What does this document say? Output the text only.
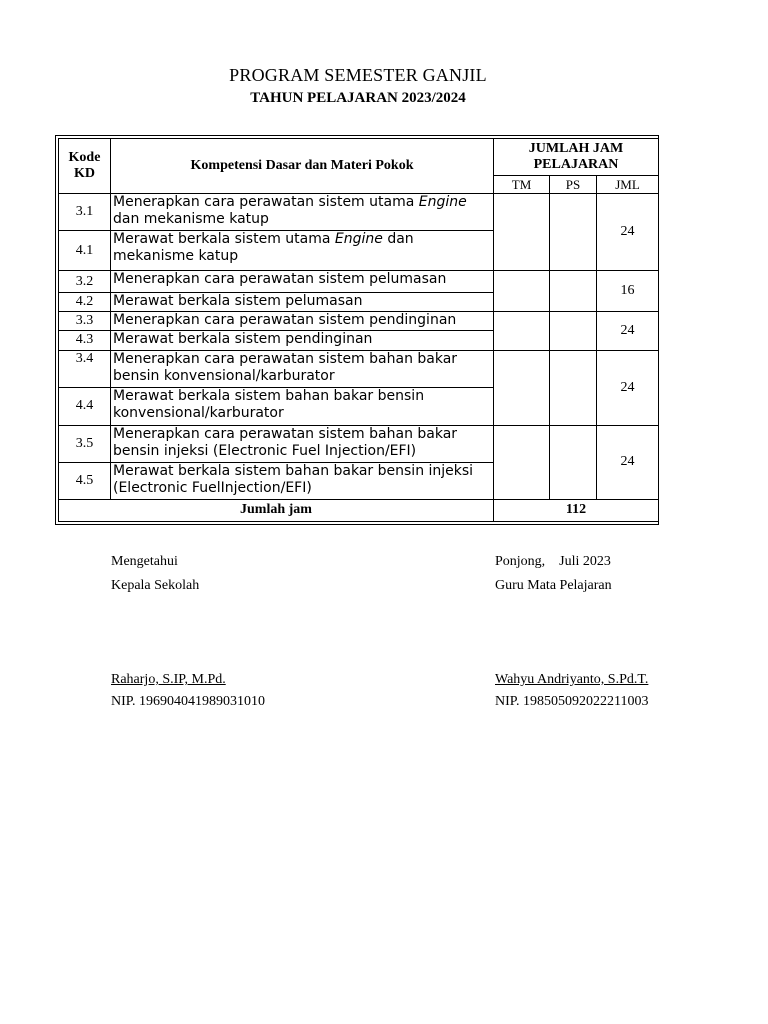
PROGRAM SEMESTER GANJIL
TAHUN PELAJARAN 2023/2024
Kode KD	Kompetensi Dasar dan Materi Pokok	JUMLAH JAM PELAJARAN		
		TM	PS	JML
3.1	Menerapkan cara perawatan sistem utama Engine dan mekanisme katup			24
4.1	Merawat berkala sistem utama Engine dan mekanisme katup			
3.2	Menerapkan cara perawatan sistem pelumasan			16
4.2	Merawat berkala sistem pelumasan			
3.3	Menerapkan cara perawatan sistem pendinginan			24
4.3	Merawat berkala sistem pendinginan			
3.4	Menerapkan cara perawatan sistem bahan bakar bensin konvensional/karburator			24
4.4	Merawat berkala sistem bahan bakar bensin konvensional/karburator			
3.5	Menerapkan cara perawatan sistem bahan bakar bensin injeksi (Electronic Fuel Injection/EFI)			24
4.5	Merawat berkala sistem bahan bakar bensin injeksi (Electronic FuelInjection/EFI)			
Jumlah jam		112		
Mengetahui
Kepala Sekolah
Raharjo, S.IP, M.Pd.
NIP. 196904041989031010
Ponjong,    Juli 2023
Guru Mata Pelajaran
Wahyu Andriyanto, S.Pd.T.
NIP. 198505092022211003
